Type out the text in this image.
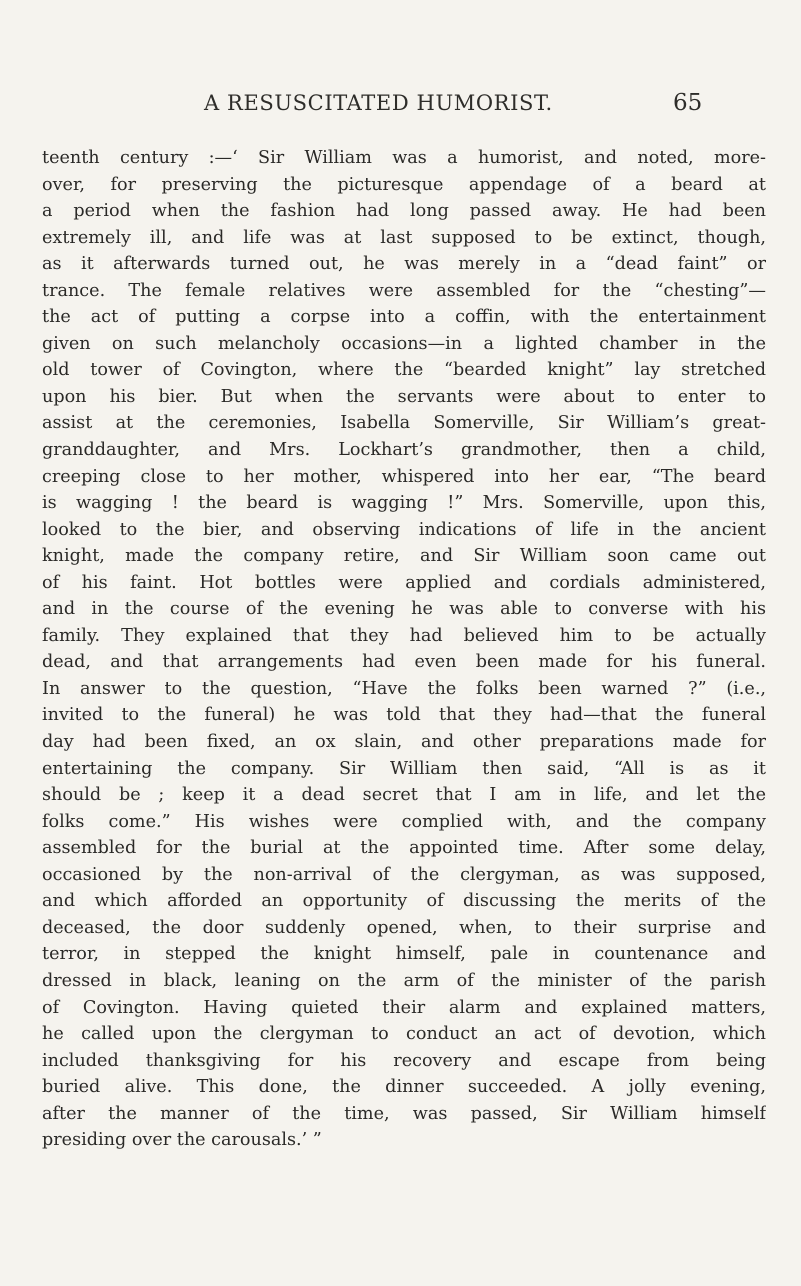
A RESUSCITATED HUMORIST.	65
teenth century :—‘ Sir William was a humorist, and noted, more-
over, for preserving the picturesque appendage of a beard at
a period when the fashion had long passed away. He had been
extremely ill, and life was at last supposed to be extinct, though,
as it afterwards turned out, he was merely in a “dead faint” or
trance. The female relatives were assembled for the “chesting”—
the act of putting a corpse into a coffin, with the entertainment
given on such melancholy occasions—in a lighted chamber in the
old tower of Covington, where the “bearded knight” lay stretched
upon his bier. But when the servants were about to enter to
assist at the ceremonies, Isabella Somerville, Sir William’s great-
granddaughter, and Mrs. Lockhart’s grandmother, then a child,
creeping close to her mother, whispered into her ear, “The beard
is wagging ! the beard is wagging !” Mrs. Somerville, upon this,
looked to the bier, and observing indications of life in the ancient
knight, made the company retire, and Sir William soon came out
of his faint. Hot bottles were applied and cordials administered,
and in the course of the evening he was able to converse with his
family. They explained that they had believed him to be actually
dead, and that arrangements had even been made for his funeral.
In answer to the question, “Have the folks been warned ?” (i.e.,
invited to the funeral) he was told that they had—that the funeral
day had been fixed, an ox slain, and other preparations made for
entertaining the company. Sir William then said, “All is as it
should be ; keep it a dead secret that I am in life, and let the
folks come.” His wishes were complied with, and the company
assembled for the burial at the appointed time. After some delay,
occasioned by the non-arrival of the clergyman, as was supposed,
and which afforded an opportunity of discussing the merits of the
deceased, the door suddenly opened, when, to their surprise and
terror, in stepped the knight himself, pale in countenance and
dressed in black, leaning on the arm of the minister of the parish
of Covington. Having quieted their alarm and explained matters,
he called upon the clergyman to conduct an act of devotion, which
included thanksgiving for his recovery and escape from being
buried alive. This done, the dinner succeeded. A jolly evening,
after the manner of the time, was passed, Sir William himself
presiding over the carousals.’ ”
